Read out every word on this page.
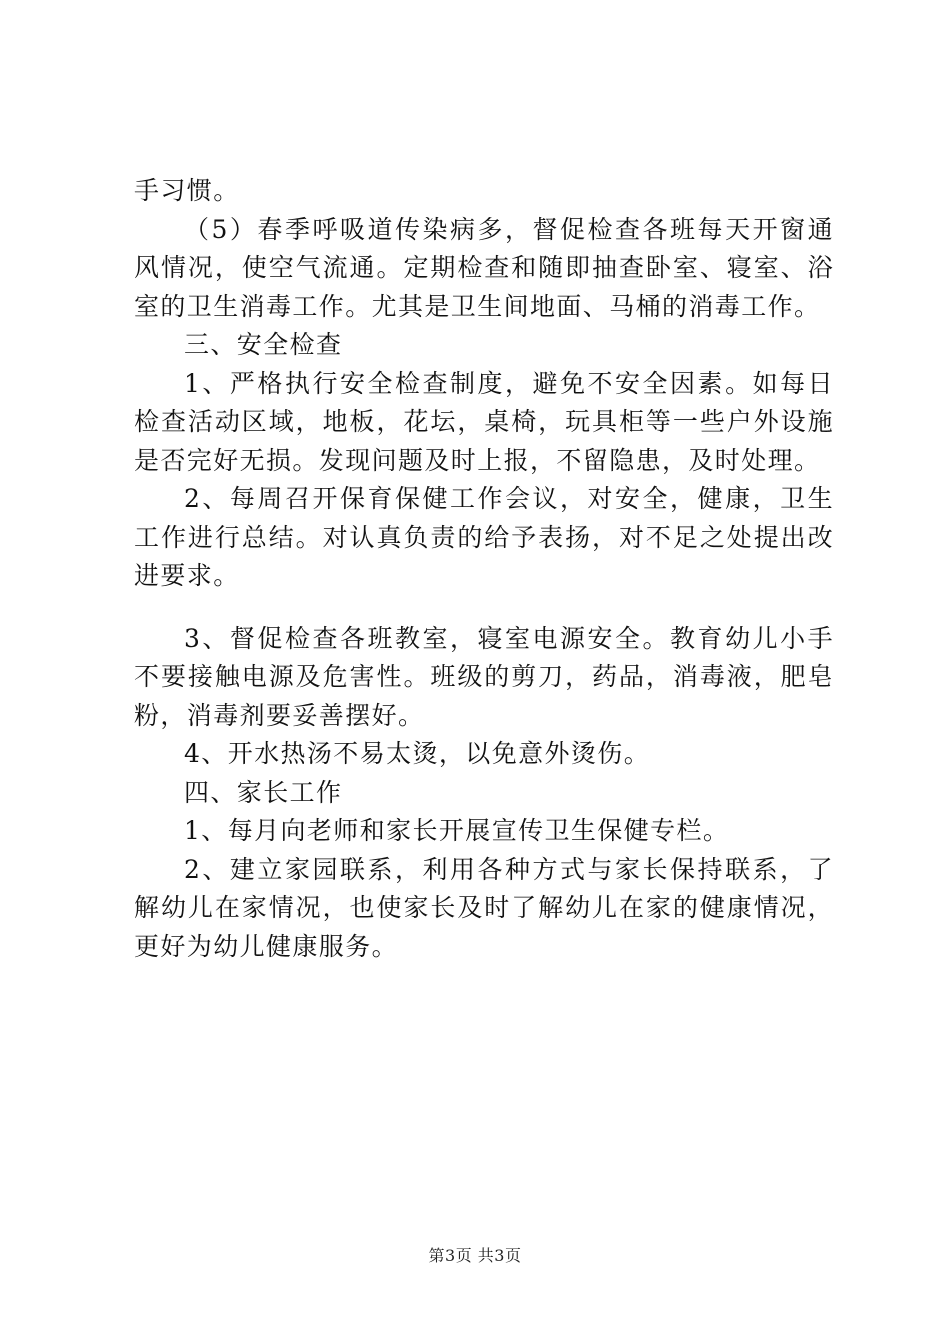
手习惯。

（5）春季呼吸道传染病多，督促检查各班每天开窗通风情况，使空气流通。定期检查和随即抽查卧室、寝室、浴室的卫生消毒工作。尤其是卫生间地面、马桶的消毒工作。

三、安全检查

1、严格执行安全检查制度，避免不安全因素。如每日检查活动区域，地板，花坛，桌椅，玩具柜等一些户外设施是否完好无损。发现问题及时上报，不留隐患，及时处理。

2、每周召开保育保健工作会议，对安全，健康，卫生工作进行总结。对认真负责的给予表扬，对不足之处提出改进要求。

3、督促检查各班教室，寝室电源安全。教育幼儿小手不要接触电源及危害性。班级的剪刀，药品，消毒液，肥皂粉，消毒剂要妥善摆好。

4、开水热汤不易太烫，以免意外烫伤。

四、家长工作

1、每月向老师和家长开展宣传卫生保健专栏。

2、建立家园联系，利用各种方式与家长保持联系，了解幼儿在家情况，也使家长及时了解幼儿在家的健康情况，更好为幼儿健康服务。

第3页 共3页
